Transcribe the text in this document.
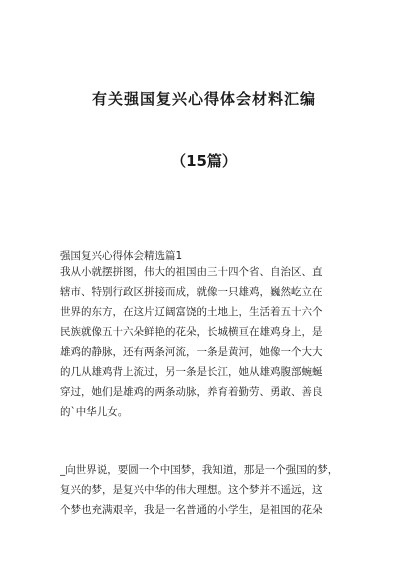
有关强国复兴心得体会材料汇编
（15篇）
强国复兴心得体会精选篇1
我从小就摆拼图，伟大的祖国由三十四个省、自治区、直
辖市、特别行政区拼接而成，就像一只雄鸡，巍然屹立在
世界的东方，在这片辽阔富饶的土地上，生活着五十六个
民族就像五十六朵鲜艳的花朵，长城横亘在雄鸡身上，是
雄鸡的静脉，还有两条河流，一条是黄河，她像一个大大
的几从雄鸡背上流过，另一条是长江，她从雄鸡腹部蜿蜒
穿过，她们是雄鸡的两条动脉，养育着勤劳、勇敢、善良
的`中华儿女。
_向世界说，要圆一个中国梦，我知道，那是一个强国的梦，
复兴的梦，是复兴中华的伟大理想。这个梦并不遥远，这
个梦也充满艰辛，我是一名普通的小学生，是祖国的花朵
